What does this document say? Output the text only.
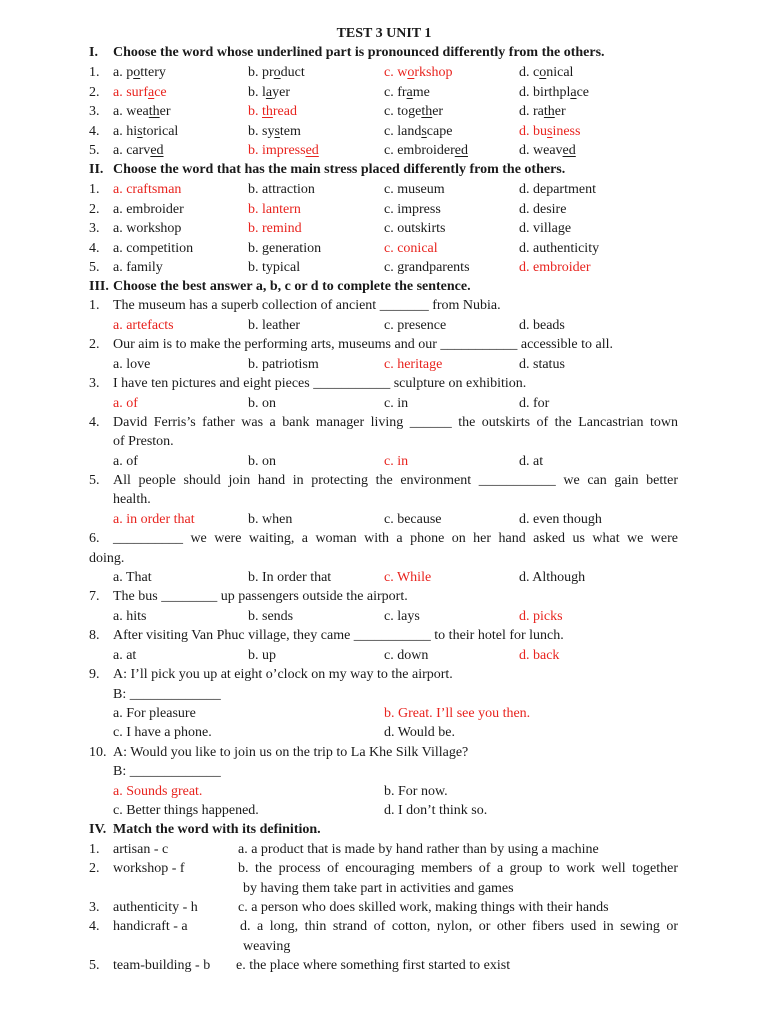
TEST 3 UNIT 1
I. Choose the word whose underlined part is pronounced differently from the others.
1. a. pottery	b. product	c. workshop	d. conical
2. a. surface	b. layer	c. frame	d. birthplace
3. a. weather	b. thread	c. together	d. rather
4. a. historical	b. system	c. landscape	d. business
5. a. carved	b. impressed	c. embroidered	d. weaved
II. Choose the word that has the main stress placed differently from the others.
1. a. craftsman	b. attraction	c. museum	d. department
2. a. embroider	b. lantern	c. impress	d. desire
3. a. workshop	b. remind	c. outskirts	d. village
4. a. competition	b. generation	c. conical	d. authenticity
5. a. family	b. typical	c. grandparents	d. embroider
III. Choose the best answer a, b, c or d to complete the sentence.
1. The museum has a superb collection of ancient _______ from Nubia.
a. artefacts	b. leather	c. presence	d. beads
2. Our aim is to make the performing arts, museums and our ___________ accessible to all.
a. love	b. patriotism	c. heritage	d. status
3. I have ten pictures and eight pieces ___________ sculpture on exhibition.
a. of	b. on	c. in	d. for
4. David Ferris’s father was a bank manager living ______ the outskirts of the Lancastrian town
of Preston.
a. of	b. on	c. in	d. at
5. All people should join hand in protecting the environment ___________ we can gain better
health.
a. in order that	b. when	c. because	d. even though
6. __________ we were waiting, a woman with a phone on her hand asked us what we were
doing.
a. That	b. In order that	c. While	d. Although
7. The bus ________ up passengers outside the airport.
a. hits	b. sends	c. lays	d. picks
8. After visiting Van Phuc village, they came ___________ to their hotel for lunch.
a. at	b. up	c. down	d. back
9. A: I’ll pick you up at eight o’clock on my way to the airport.
B: _____________
a. For pleasure	b. Great. I’ll see you then.
c. I have a phone.	d. Would be.
10. A: Would you like to join us on the trip to La Khe Silk Village?
B: _____________
a. Sounds great.	b. For now.
c. Better things happened.	d. I don’t think so.
IV. Match the word with its definition.
1. artisan - c	a. a product that is made by hand rather than by using a machine
2. workshop - f	b. the process of encouraging members of a group to work well together
by having them take part in activities and games
3. authenticity - h	c. a person who does skilled work, making things with their hands
4. handicraft - a	d. a long, thin strand of cotton, nylon, or other fibers used in sewing or
weaving
5. team-building - b e. the place where something first started to exist
